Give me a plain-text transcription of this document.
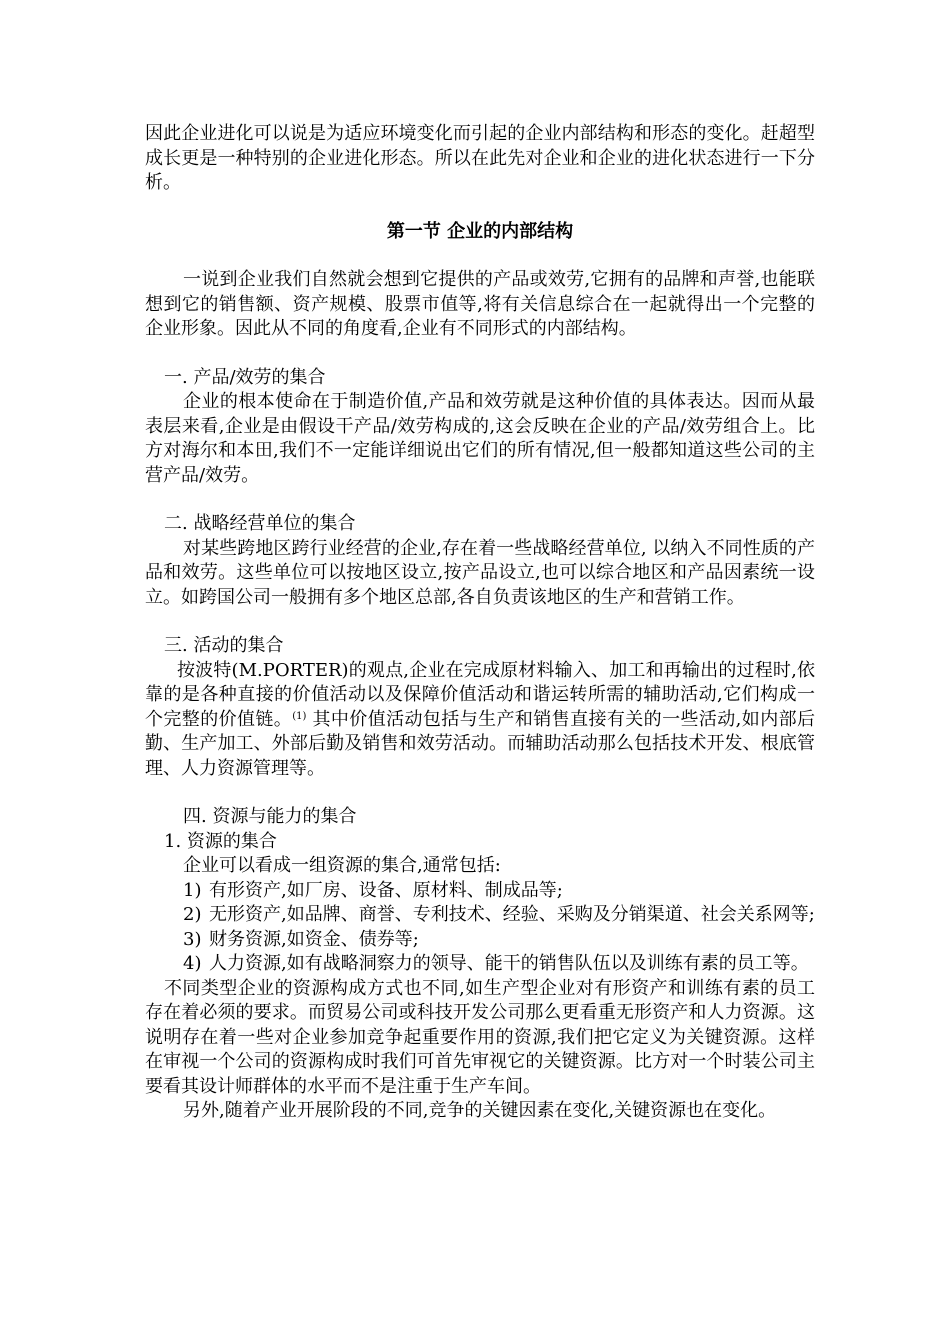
因此企业进化可以说是为适应环境变化而引起的企业内部结构和形态的变化。赶超型成长更是一种特别的企业进化形态。所以在此先对企业和企业的进化状态进行一下分析。

第一节 企业的内部结构

一说到企业我们自然就会想到它提供的产品或效劳,它拥有的品牌和声誉,也能联想到它的销售额、资产规模、股票市值等,将有关信息综合在一起就得出一个完整的企业形象。因此从不同的角度看,企业有不同形式的内部结构。

一. 产品/效劳的集合

企业的根本使命在于制造价值,产品和效劳就是这种价值的具体表达。因而从最表层来看,企业是由假设干产品/效劳构成的,这会反映在企业的产品/效劳组合上。比方对海尔和本田,我们不一定能详细说出它们的所有情况,但一般都知道这些公司的主营产品/效劳。

二. 战略经营单位的集合

对某些跨地区跨行业经营的企业,存在着一些战略经营单位, 以纳入不同性质的产品和效劳。这些单位可以按地区设立,按产品设立,也可以综合地区和产品因素统一设立。如跨国公司一般拥有多个地区总部,各自负责该地区的生产和营销工作。

三. 活动的集合

按波特(M.PORTER)的观点,企业在完成原材料输入、加工和再输出的过程时,依靠的是各种直接的价值活动以及保障价值活动和谐运转所需的辅助活动,它们构成一个完整的价值链。$^{(1)}$ 其中价值活动包括与生产和销售直接有关的一些活动,如内部后勤、生产加工、外部后勤及销售和效劳活动。而辅助活动那么包括技术开发、根底管理、人力资源管理等。

四. 资源与能力的集合

1. 资源的集合

企业可以看成一组资源的集合,通常包括:

1) 有形资产,如厂房、设备、原材料、制成品等;
2) 无形资产,如品牌、商誉、专利技术、经验、采购及分销渠道、社会关系网等;
3) 财务资源,如资金、债券等;
4) 人力资源,如有战略洞察力的领导、能干的销售队伍以及训练有素的员工等。

不同类型企业的资源构成方式也不同,如生产型企业对有形资产和训练有素的员工存在着必须的要求。而贸易公司或科技开发公司那么更看重无形资产和人力资源。这说明存在着一些对企业参加竞争起重要作用的资源,我们把它定义为关键资源。这样在审视一个公司的资源构成时我们可首先审视它的关键资源。比方对一个时装公司主要看其设计师群体的水平而不是注重于生产车间。

另外,随着产业开展阶段的不同,竞争的关键因素在变化,关键资源也在变化。
